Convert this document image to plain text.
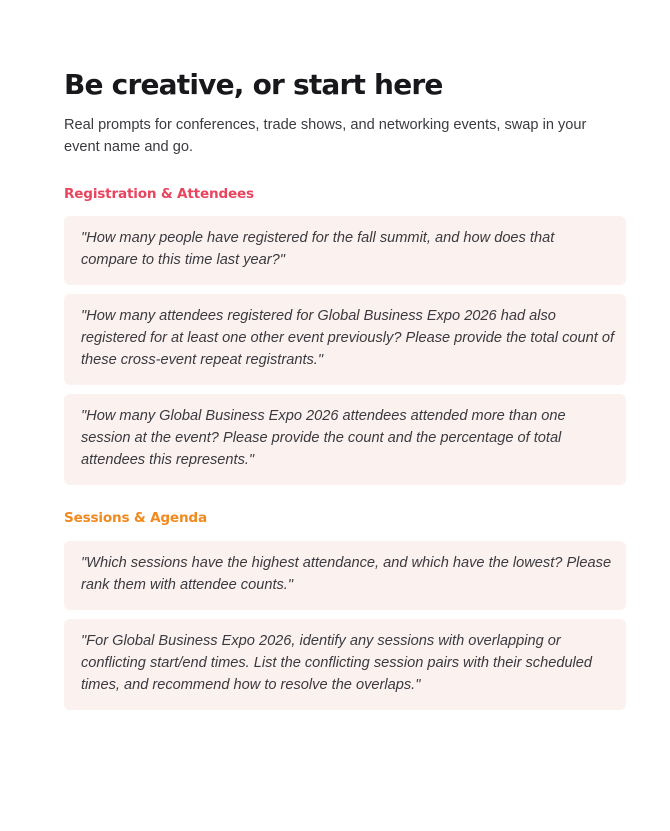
Be creative, or start here

Real prompts for conferences, trade shows, and networking events, swap in your event name and go.

Registration & Attendees

"How many people have registered for the fall summit, and how does that compare to this time last year?"

"How many attendees registered for Global Business Expo 2026 had also registered for at least one other event previously? Please provide the total count of these cross-event repeat registrants."

"How many Global Business Expo 2026 attendees attended more than one session at the event? Please provide the count and the percentage of total attendees this represents."

Sessions & Agenda

"Which sessions have the highest attendance, and which have the lowest? Please rank them with attendee counts."

"For Global Business Expo 2026, identify any sessions with overlapping or conflicting start/end times. List the conflicting session pairs with their scheduled times, and recommend how to resolve the overlaps."
